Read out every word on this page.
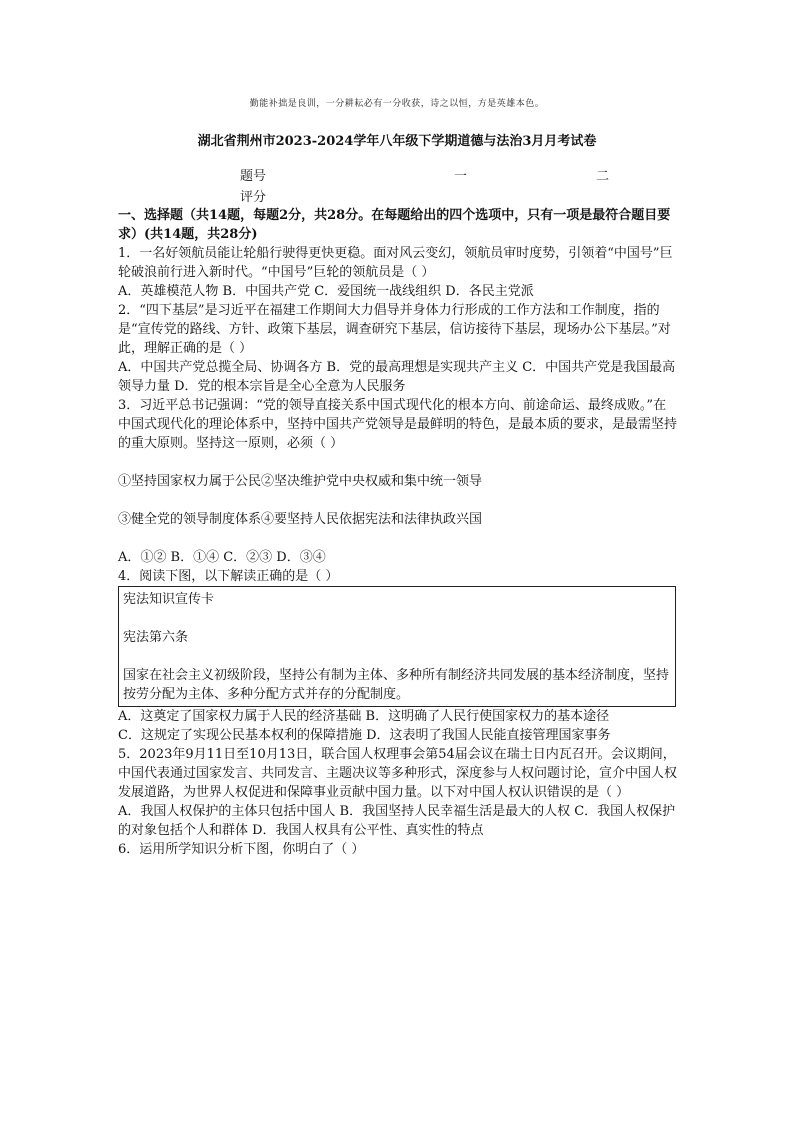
勤能补拙是良训，一分耕耘必有一分收获，诗之以恒，方是英雄本色。
湖北省荆州市2023-2024学年八年级下学期道德与法治3月月考试卷
题号	一	二
评分

一、选择题（共14题，每题2分，共28分。在每题给出的四个选项中，只有一项是最符合题目要求）(共14题，共28分)

1．一名好领航员能让轮船行驶得更快更稳。面对风云变幻，领航员审时度势，引领着“中国号”巨轮破浪前行进入新时代。“中国号”巨轮的领航员是（ ）

A．英雄模范人物 B．中国共产党 C．爱国统一战线组织 D．各民主党派

2．“四下基层”是习近平在福建工作期间大力倡导并身体力行形成的工作方法和工作制度，指的是“宣传党的路线、方针、政策下基层，调查研究下基层，信访接待下基层，现场办公下基层。”对此，理解正确的是（ ）

A．中国共产党总揽全局、协调各方 B．党的最高理想是实现共产主义 C．中国共产党是我国最高领导力量 D．党的根本宗旨是全心全意为人民服务

3．习近平总书记强调：“党的领导直接关系中国式现代化的根本方向、前途命运、最终成败。”在中国式现代化的理论体系中，坚持中国共产党领导是最鲜明的特色，是最本质的要求，是最需坚持的重大原则。坚持这一原则，必须（ ）

①坚持国家权力属于公民②坚决维护党中央权威和集中统一领导

③健全党的领导制度体系④要坚持人民依据宪法和法律执政兴国

A．①② B．①④ C．②③ D．③④

4．阅读下图，以下解读正确的是（ ）

宪法知识宣传卡

宪法第六条

国家在社会主义初级阶段，坚持公有制为主体、多种所有制经济共同发展的基本经济制度，坚持按劳分配为主体、多种分配方式并存的分配制度。

A．这奠定了国家权力属于人民的经济基础 B．这明确了人民行使国家权力的基本途径

C．这规定了实现公民基本权利的保障措施 D．这表明了我国人民能直接管理国家事务

5．2023年9月11日至10月13日，联合国人权理事会第54届会议在瑞士日内瓦召开。会议期间，中国代表通过国家发言、共同发言、主题决议等多种形式，深度参与人权问题讨论，宣介中国人权发展道路，为世界人权促进和保障事业贡献中国力量。以下对中国人权认识错误的是（ ）

A．我国人权保护的主体只包括中国人 B．我国坚持人民幸福生活是最大的人权 C．我国人权保护的对象包括个人和群体 D．我国人权具有公平性、真实性的特点

6．运用所学知识分析下图，你明白了（ ）
